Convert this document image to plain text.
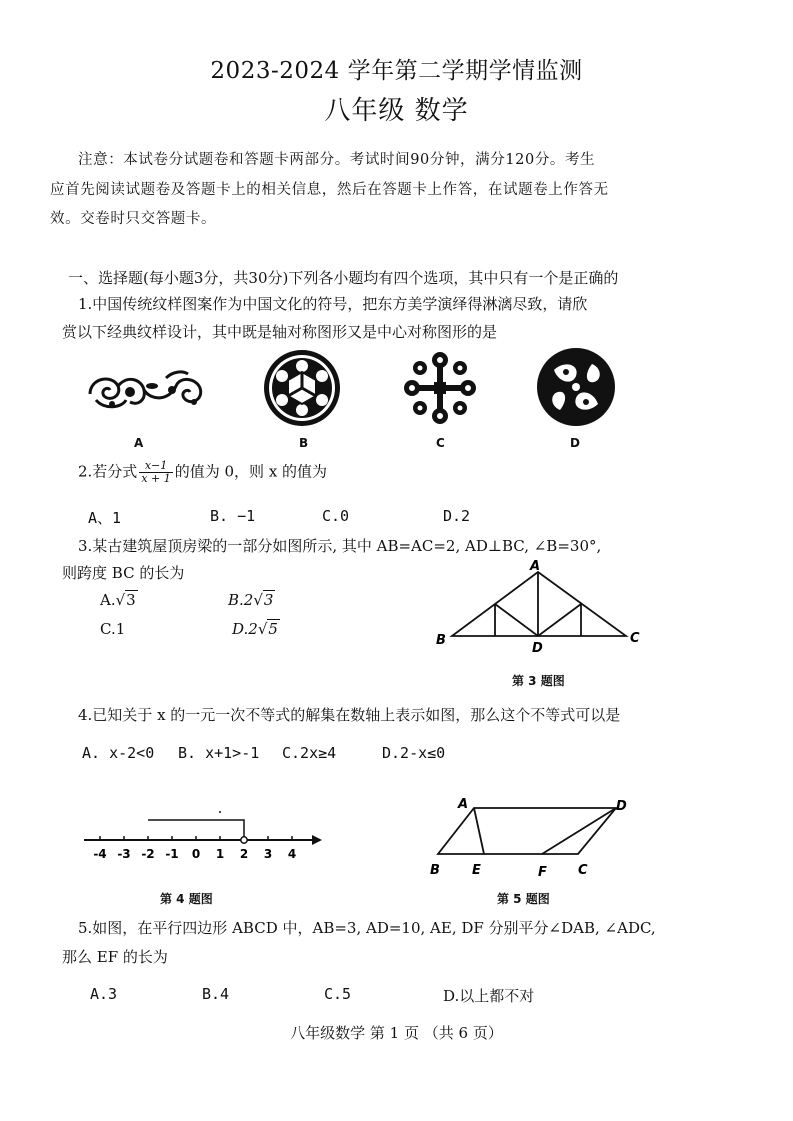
2023-2024 学年第二学期学情监测
八年级 数学
注意：本试卷分试题卷和答题卡两部分。考试时间90分钟，满分120分。考生
应首先阅读试题卷及答题卡上的相关信息，然后在答题卡上作答，在试题卷上作答无
效。交卷时只交答题卡。
一、选择题(每小题3分，共30分)下列各小题均有四个选项，其中只有一个是正确的
1.中国传统纹样图案作为中国文化的符号，把东方美学演绎得淋漓尽致，请欣
赏以下经典纹样设计，其中既是轴对称图形又是中心对称图形的是
A	B	C	D
2.若分式 $\frac{x-1}{x + 1}$ 的值为 0，则 x 的值为
A、1	B. −1	C.0	D.2
3.某古建筑屋顶房梁的一部分如图所示, 其中 AB=AC=2, AD⊥BC, ∠B=30°,
则跨度 BC 的长为
A.√3	B.2√3
C.1	D.2√5
A
B	C
D
第 3 题图
4.已知关于 x 的一元一次不等式的解集在数轴上表示如图，那么这个不等式可以是
A. x-2<0 B. x+1>-1 C.2x≥4	D.2-x≤0
-4 -3 -2 -1 0 1 2 3 4
第 4 题图
A	D
B E	F C
第 5 题图
5.如图，在平行四边形 ABCD 中，AB=3, AD=10, AE, DF 分别平分∠DAB, ∠ADC,
那么 EF 的长为
A.3	B.4	C.5	D.以上都不对
八年级数学 第 1 页 （共 6 页）
